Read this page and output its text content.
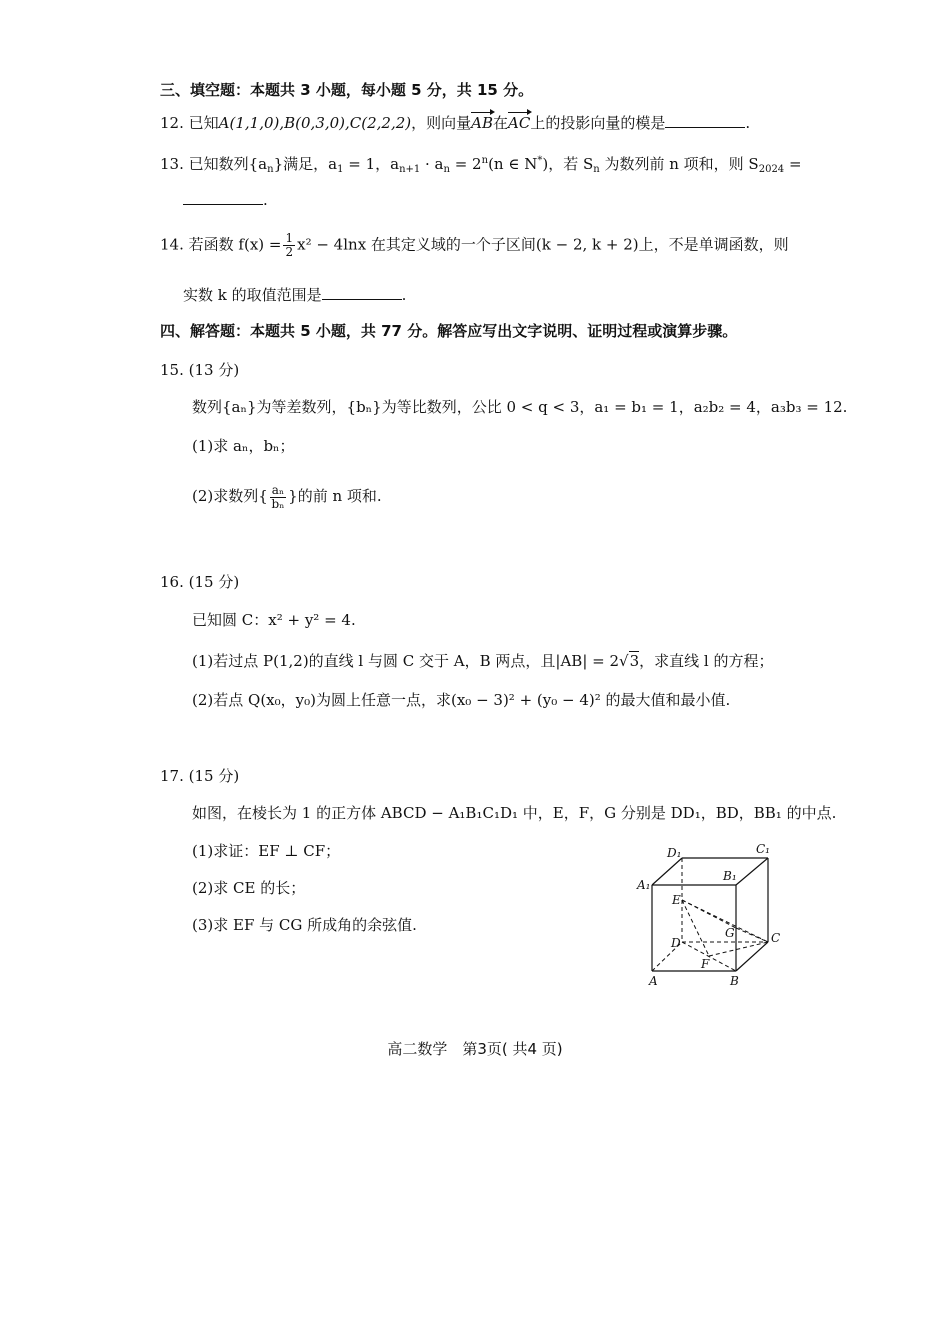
三、填空题：本题共 3 小题，每小题 5 分，共 15 分。
12. 已知A(1,1,0),B(0,3,0),C(2,2,2)，则向量AB在AC上的投影向量的模是	.
13. 已知数列$\{a_n\}$满足，$a_1 = 1$，$a_{n+1} \cdot a_n = 2^n(n$ ∈ N*)，若 $S_n$ 为数列前 n 项和，则 $S_{2024}$ =
.
14. 若函数 $f(x) = \frac{1}{2} x^2 - 4\ln x$ 在其定义域的一个子区间(k − 2, k + 2)上，不是单调函数，则
实数 k 的取值范围是	.
四、解答题：本题共 5 小题，共 77 分。解答应写出文字说明、证明过程或演算步骤。
15. (13 分)
数列{aₙ}为等差数列，{bₙ}为等比数列，公比 0 < q < 3，a₁ = b₁ = 1，a₂b₂ = 4，a₃b₃ = 12.
(1)求 aₙ，bₙ；
(2)求数列{ $\frac{\text{aₙ}}{\text{bₙ}}$ }的前 n 项和.
16. (15 分)
已知圆 C：x² + y² = 4.
(1)若过点 P(1,2)的直线 l 与圆 C 交于 A，B 两点，且|AB| = 2√3，求直线 l 的方程；
(2)若点 Q(x₀，y₀)为圆上任意一点，求(x₀ − 3)² + (y₀ − 4)² 的最大值和最小值.
17. (15 分)
如图，在棱长为 1 的正方体 ABCD − A₁B₁C₁D₁ 中，E，F，G 分别是 DD₁，BD，BB₁ 的中点.
(1)求证：EF ⊥ CF；
(2)求 CE 的长；
(3)求 EF 与 CG 所成角的余弦值.
D₁	C₁
A₁
B₁
E
G	C
D
F
A	B
高二数学　第3页( 共4 页)
